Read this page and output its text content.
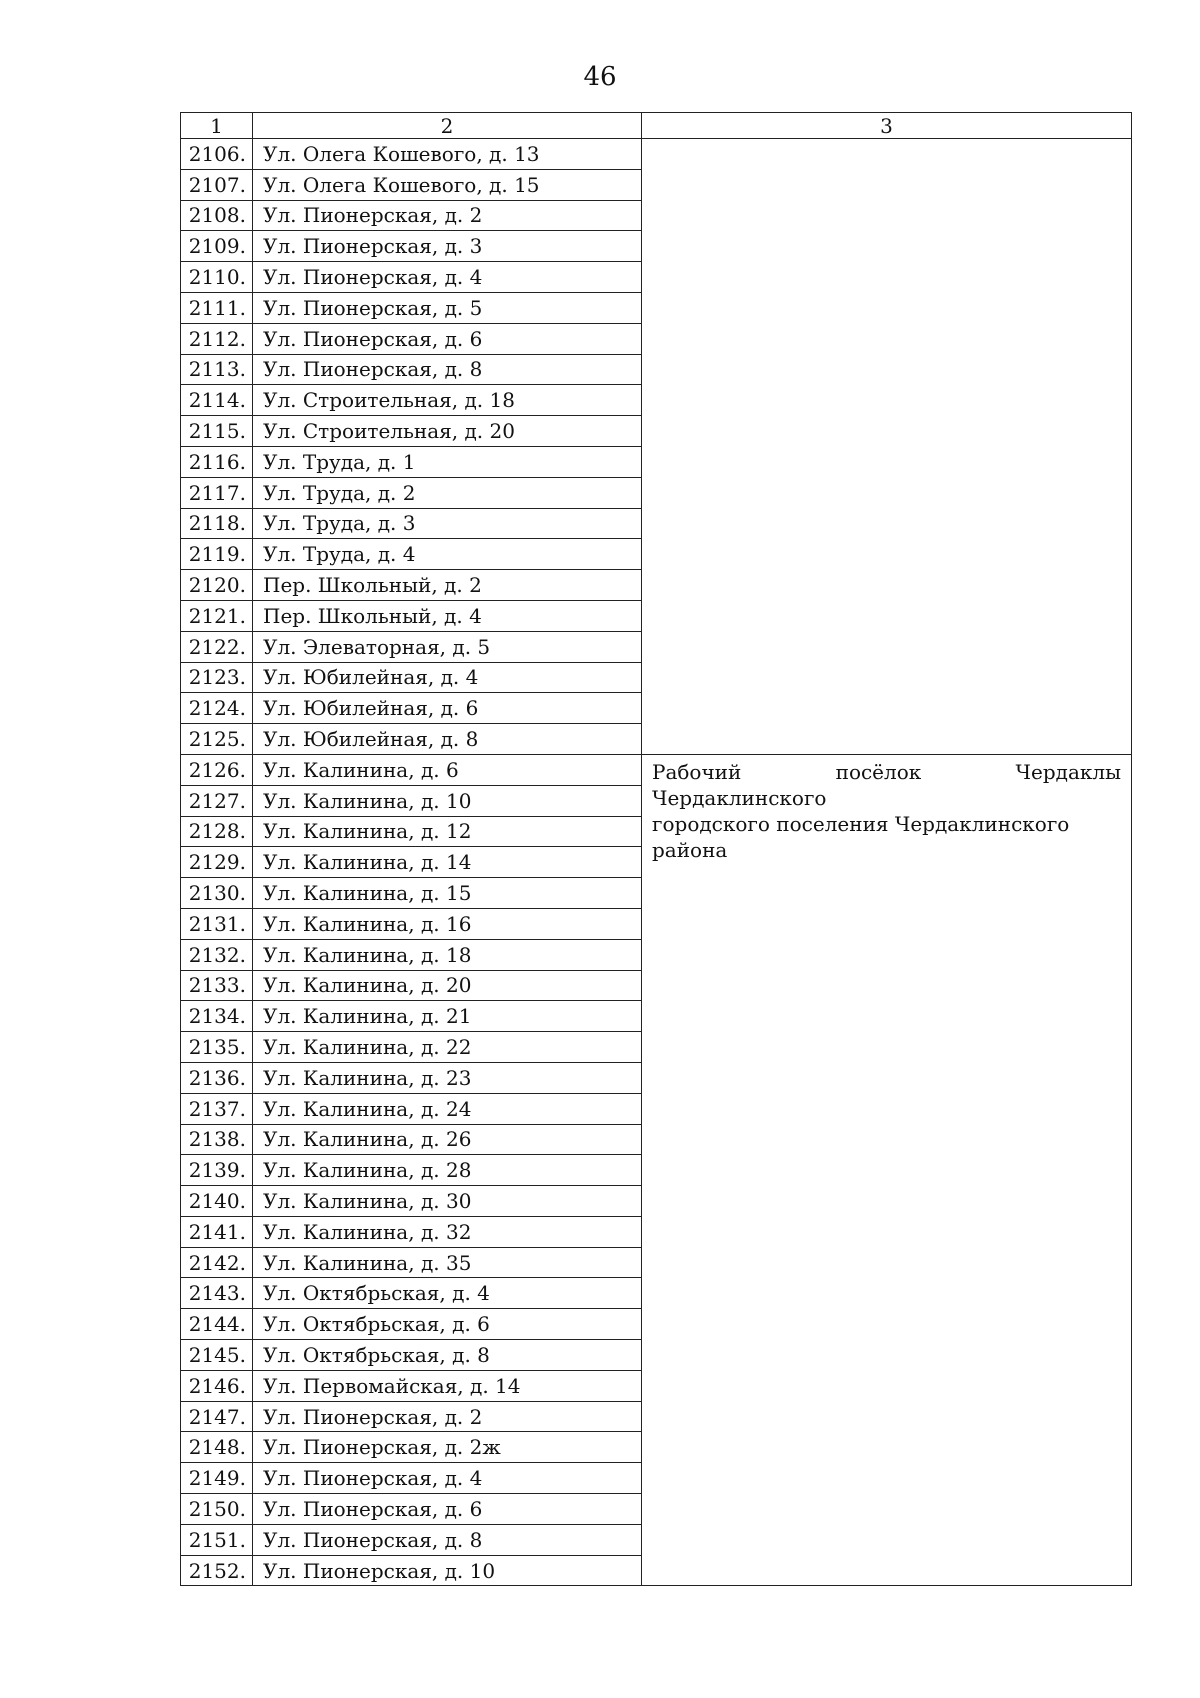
46
1	2	3
2106.	Ул. Олега Кошевого, д. 13	
2107.	Ул. Олега Кошевого, д. 15	
2108.	Ул. Пионерская, д. 2	
2109.	Ул. Пионерская, д. 3	
2110.	Ул. Пионерская, д. 4	
2111.	Ул. Пионерская, д. 5	
2112.	Ул. Пионерская, д. 6	
2113.	Ул. Пионерская, д. 8	
2114.	Ул. Строительная, д. 18	
2115.	Ул. Строительная, д. 20	
2116.	Ул. Труда, д. 1	
2117.	Ул. Труда, д. 2	
2118.	Ул. Труда, д. 3	
2119.	Ул. Труда, д. 4	
2120.	Пер. Школьный, д. 2	
2121.	Пер. Школьный, д. 4	
2122.	Ул. Элеваторная, д. 5	
2123.	Ул. Юбилейная, д. 4	
2124.	Ул. Юбилейная, д. 6	
2125.	Ул. Юбилейная, д. 8	
2126.	Ул. Калинина, д. 6	Рабочий посёлок Чердаклы Чердаклинского
городского поселения Чердаклинского района

2127.	Ул. Калинина, д. 10	
2128.	Ул. Калинина, д. 12	
2129.	Ул. Калинина, д. 14	
2130.	Ул. Калинина, д. 15	
2131.	Ул. Калинина, д. 16	
2132.	Ул. Калинина, д. 18	
2133.	Ул. Калинина, д. 20	
2134.	Ул. Калинина, д. 21	
2135.	Ул. Калинина, д. 22	
2136.	Ул. Калинина, д. 23	
2137.	Ул. Калинина, д. 24	
2138.	Ул. Калинина, д. 26	
2139.	Ул. Калинина, д. 28	
2140.	Ул. Калинина, д. 30	
2141.	Ул. Калинина, д. 32	
2142.	Ул. Калинина, д. 35	
2143.	Ул. Октябрьская, д. 4	
2144.	Ул. Октябрьская, д. 6	
2145.	Ул. Октябрьская, д. 8	
2146.	Ул. Первомайская, д. 14	
2147.	Ул. Пионерская, д. 2	
2148.	Ул. Пионерская, д. 2ж	
2149.	Ул. Пионерская, д. 4	
2150.	Ул. Пионерская, д. 6	
2151.	Ул. Пионерская, д. 8	
2152.	Ул. Пионерская, д. 10	
